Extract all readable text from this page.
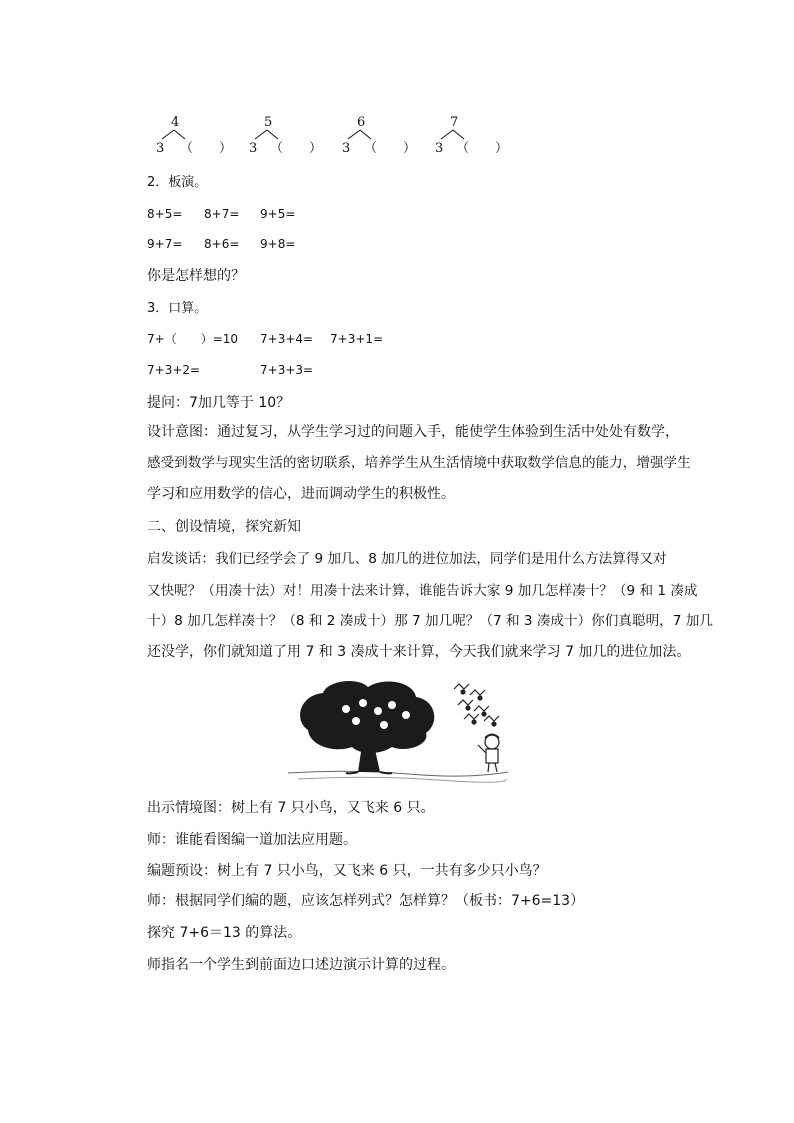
4
3 （　　）
5
3 （　　）
6
3 （　　）
7
3 （　　）
2．板演。
8+5= 8+7= 9+5=
9+7= 8+6= 9+8=
你是怎样想的？
3．口算。
7+（　　）=10 7+3+4= 7+3+1=
7+3+2=	7+3+3=
提问：7加几等于 10？
设计意图：通过复习，从学生学习过的问题入手，能使学生体验到生活中处处有数学，
感受到数学与现实生活的密切联系，培养学生从生活情境中获取数学信息的能力，增强学生
学习和应用数学的信心，进而调动学生的积极性。
二、创设情境，探究新知
启发谈话：我们已经学会了 9 加几、8 加几的进位加法，同学们是用什么方法算得又对
又快呢？（用凑十法）对！用凑十法来计算，谁能告诉大家 9 加几怎样凑十？（9 和 1 凑成
十）8 加几怎样凑十？（8 和 2 凑成十）那 7 加几呢？（7 和 3 凑成十）你们真聪明，7 加几
还没学，你们就知道了用 7 和 3 凑成十来计算，今天我们就来学习 7 加几的进位加法。
出示情境图：树上有 7 只小鸟，又飞来 6 只。
师：谁能看图编一道加法应用题。
编题预设：树上有 7 只小鸟，又飞来 6 只，一共有多少只小鸟？
师：根据同学们编的题，应该怎样列式？怎样算？（板书：7+6=13）
探究 7+6＝13 的算法。
师指名一个学生到前面边口述边演示计算的过程。
